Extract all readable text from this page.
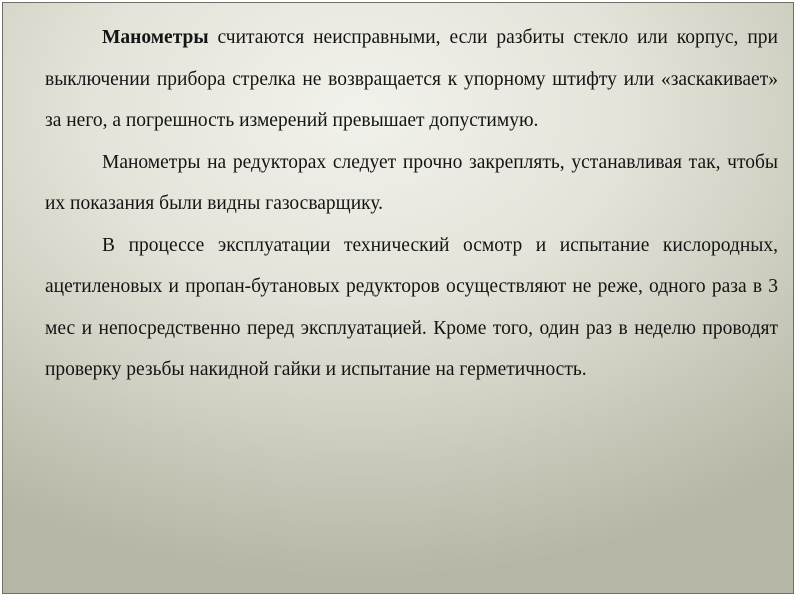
Манометры считаются неисправными, если разбиты стекло или корпус, при выключении прибора стрелка не возвращается к упорному штифту или «заскакивает» за него, а погрешность измерений превышает допустимую.

Манометры на редукторах следует прочно закреплять, устанавливая так, чтобы их показания были видны газосварщику.

В процессе эксплуатации технический осмотр и испытание кислородных, ацетиленовых и пропан-бутановых редукторов осуществляют не реже, одного раза в 3 мес и непосредственно перед эксплуатацией. Кроме того, один раз в неделю проводят проверку резьбы накидной гайки и испытание на герметичность.
